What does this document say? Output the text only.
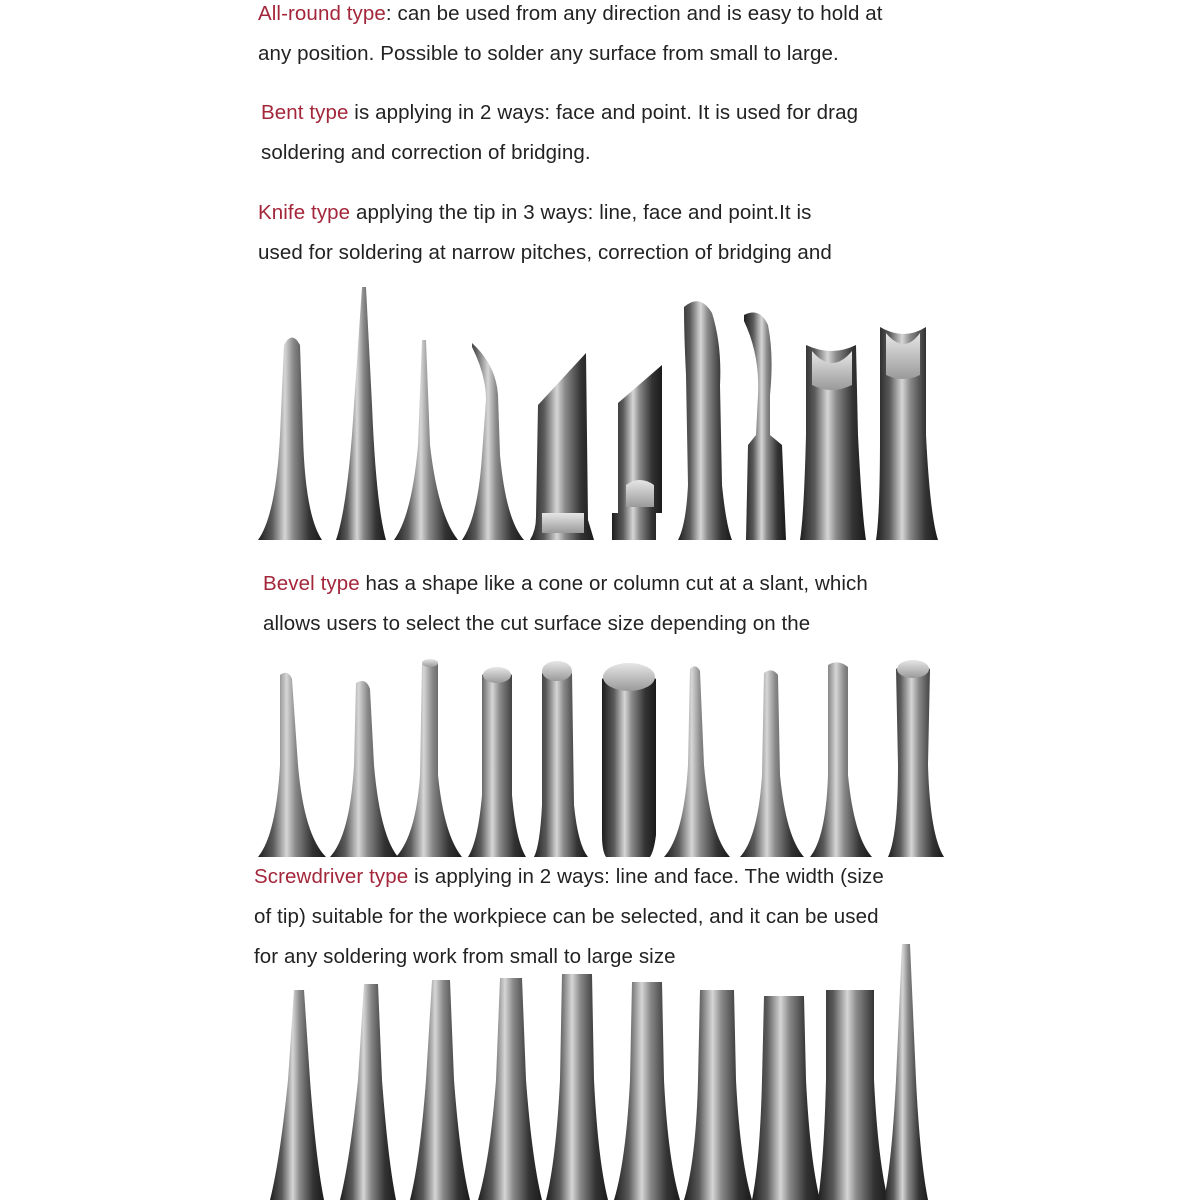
All-round type: can be used from any direction and is easy to hold at
any position. Possible to solder any surface from small to large.
Bent type is applying in 2 ways: face and point. It is used for drag
soldering and correction of bridging.
Knife type applying the tip in 3 ways: line, face and point.It is
used for soldering at narrow pitches, correction of bridging and
Bevel type has a shape like a cone or column cut at a slant, which
allows users to select the cut surface size depending on the
Screwdriver type is applying in 2 ways: line and face. The width (size
of tip) suitable for the workpiece can be selected, and it can be used
for any soldering work from small to large size
